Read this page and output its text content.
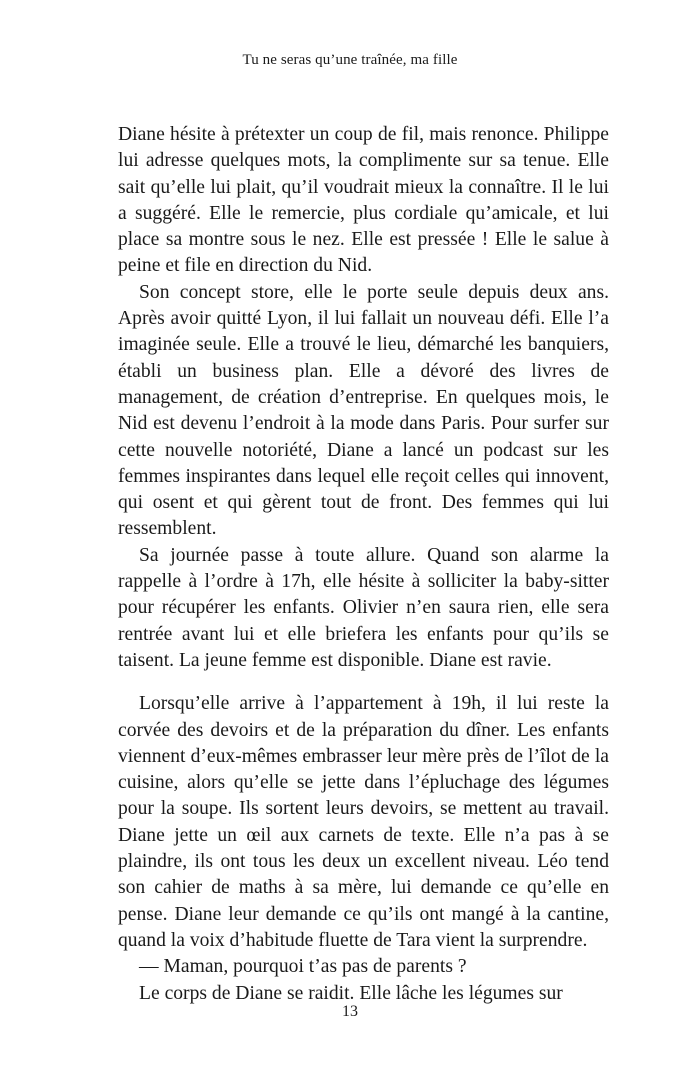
Tu ne seras qu’une traînée, ma fille

Diane hésite à prétexter un coup de fil, mais renonce. Philippe lui adresse quelques mots, la complimente sur sa tenue. Elle sait qu’elle lui plait, qu’il voudrait mieux la connaître. Il le lui a suggéré. Elle le remercie, plus cordiale qu’amicale, et lui place sa montre sous le nez. Elle est pressée ! Elle le salue à peine et file en direction du Nid.

Son concept store, elle le porte seule depuis deux ans. Après avoir quitté Lyon, il lui fallait un nouveau défi. Elle l’a imaginée seule. Elle a trouvé le lieu, démarché les banquiers, établi un business plan. Elle a dévoré des livres de management, de création d’entreprise. En quelques mois, le Nid est devenu l’endroit à la mode dans Paris. Pour surfer sur cette nouvelle notoriété, Diane a lancé un podcast sur les femmes inspirantes dans lequel elle reçoit celles qui innovent, qui osent et qui gèrent tout de front. Des femmes qui lui ressemblent.

Sa journée passe à toute allure. Quand son alarme la rappelle à l’ordre à 17h, elle hésite à solliciter la baby-sitter pour récupérer les enfants. Olivier n’en saura rien, elle sera rentrée avant lui et elle briefera les enfants pour qu’ils se taisent. La jeune femme est disponible. Diane est ravie.

Lorsqu’elle arrive à l’appartement à 19h, il lui reste la corvée des devoirs et de la préparation du dîner. Les enfants viennent d’eux-mêmes embrasser leur mère près de l’îlot de la cuisine, alors qu’elle se jette dans l’épluchage des légumes pour la soupe. Ils sortent leurs devoirs, se mettent au travail. Diane jette un œil aux carnets de texte. Elle n’a pas à se plaindre, ils ont tous les deux un excellent niveau. Léo tend son cahier de maths à sa mère, lui demande ce qu’elle en pense. Diane leur demande ce qu’ils ont mangé à la cantine, quand la voix d’habitude fluette de Tara vient la surprendre.

— Maman, pourquoi t’as pas de parents ?

Le corps de Diane se raidit. Elle lâche les légumes sur

13
